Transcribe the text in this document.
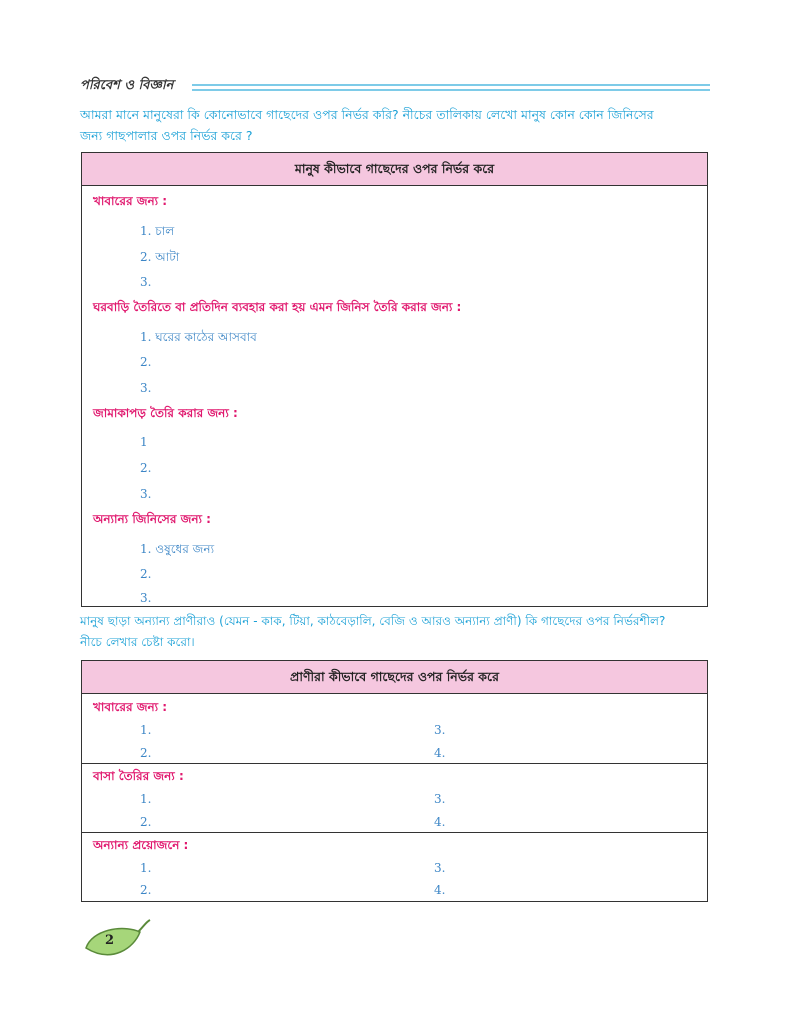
পরিবেশ ও বিজ্ঞান
আমরা মানে মানুষেরা কি কোনোভাবে গাছেদের ওপর নির্ভর করি? নীচের তালিকায় লেখো মানুষ কোন কোন জিনিসের
জন্য গাছপালার ওপর নির্ভর করে ?
মানুষ কীভাবে গাছেদের ওপর নির্ভর করে
খাবারের জন্য :
1. চাল
2. আটা
3.
ঘরবাড়ি তৈরিতে বা প্রতিদিন ব্যবহার করা হয় এমন জিনিস তৈরি করার জন্য :
1. ঘরের কাঠের আসবাব
2.
3.
জামাকাপড় তৈরি করার জন্য :
1
2.
3.
অন্যান্য জিনিসের জন্য :
1. ওষুধের জন্য
2.
3.
মানুষ ছাড়া অন্যান্য প্রাণীরাও (যেমন - কাক, টিয়া, কাঠবেড়ালি, বেজি ও আরও অন্যান্য প্রাণী) কি গাছেদের ওপর নির্ভরশীল?
নীচে লেখার চেষ্টা করো।
প্রাণীরা কীভাবে গাছেদের ওপর নির্ভর করে
খাবারের জন্য :
1.	3.
2.	4.
বাসা তৈরির জন্য :
1.	3.
2.	4.
অন্যান্য প্রয়োজনে :
1.	3.
2.	4.
2
